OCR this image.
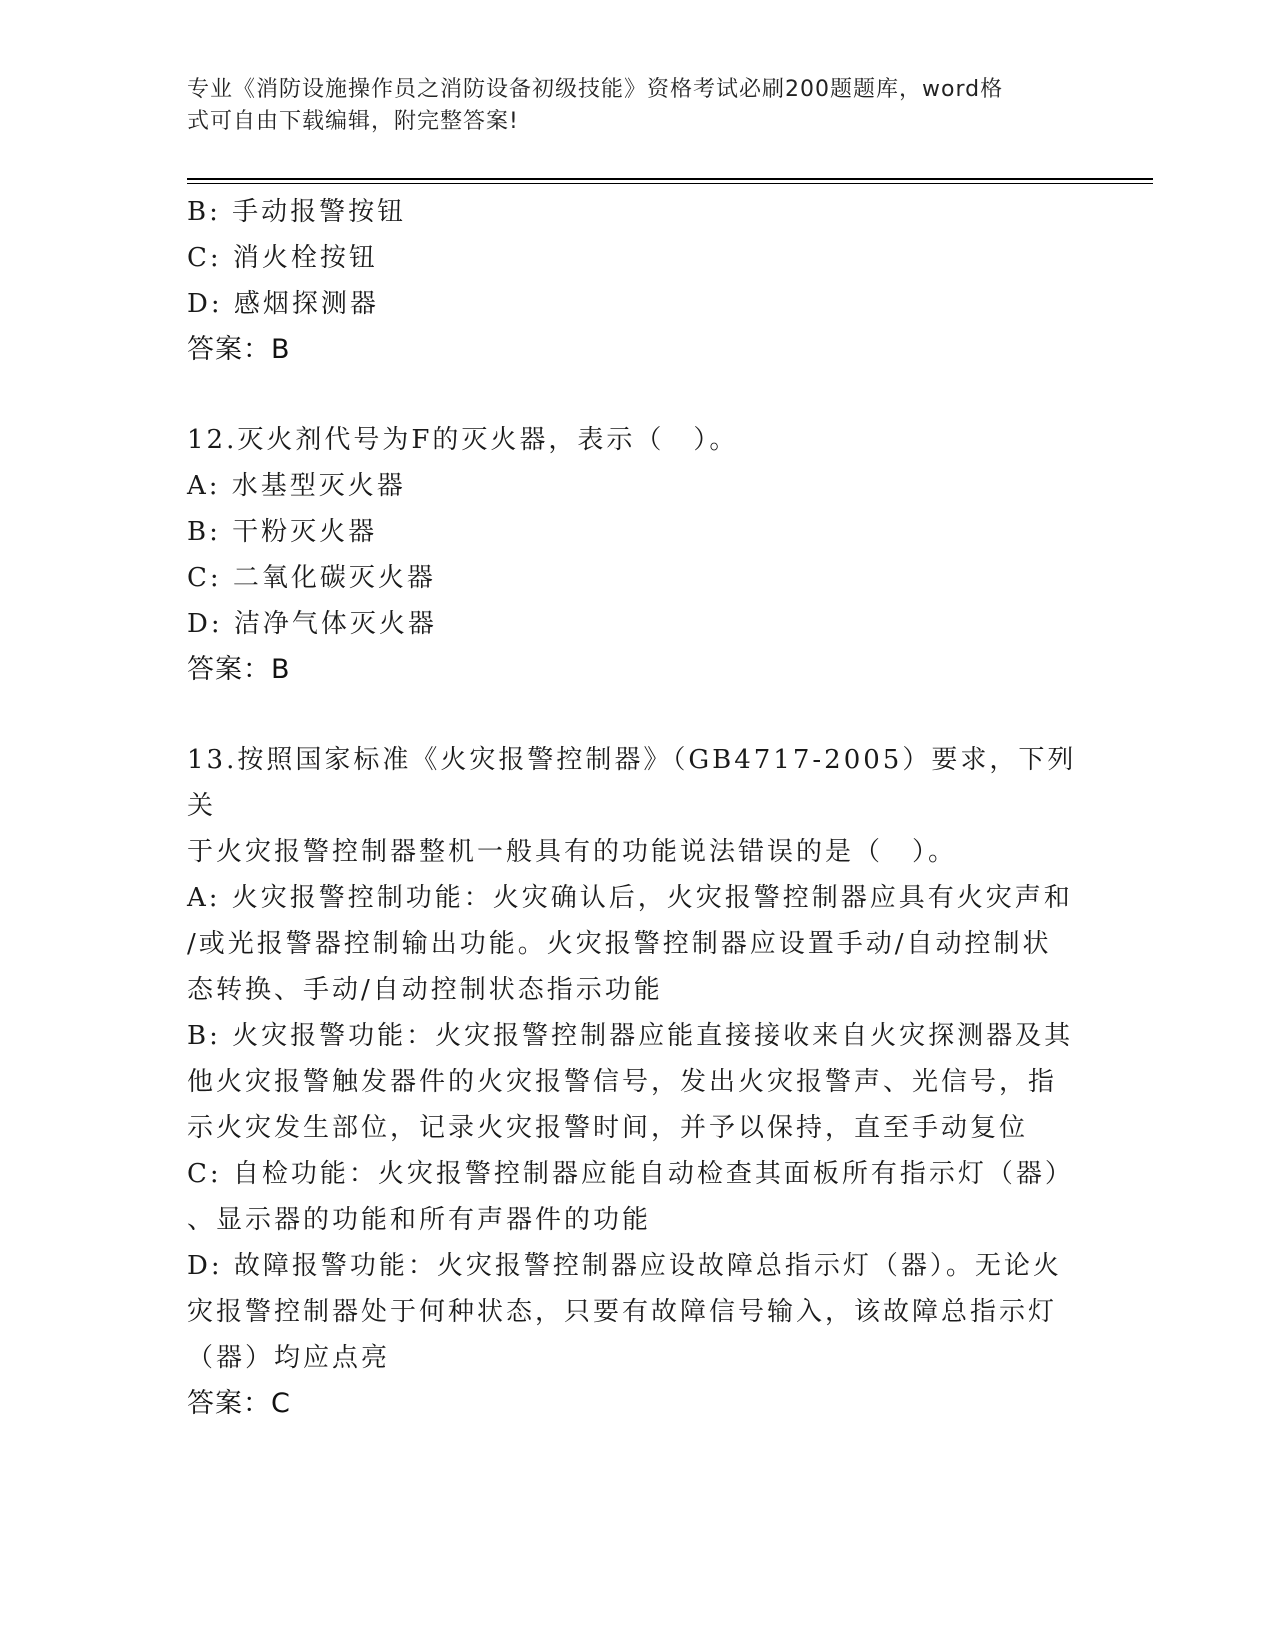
专业《消防设施操作员之消防设备初级技能》资格考试必刷200题题库，word格
式可自由下载编辑，附完整答案!
B: 手动报警按钮
C: 消火栓按钮
D: 感烟探测器
答案：B
12.灭火剂代号为F的灭火器，表示（　）。
A: 水基型灭火器
B: 干粉灭火器
C: 二氧化碳灭火器
D: 洁净气体灭火器
答案：B
13.按照国家标准《火灾报警控制器》（GB4717-2005）要求，下列关
于火灾报警控制器整机一般具有的功能说法错误的是（　）。
A: 火灾报警控制功能：火灾确认后，火灾报警控制器应具有火灾声和
/或光报警器控制输出功能。火灾报警控制器应设置手动/自动控制状
态转换、手动/自动控制状态指示功能
B: 火灾报警功能：火灾报警控制器应能直接接收来自火灾探测器及其
他火灾报警触发器件的火灾报警信号，发出火灾报警声、光信号，指
示火灾发生部位，记录火灾报警时间，并予以保持，直至手动复位
C: 自检功能：火灾报警控制器应能自动检查其面板所有指示灯（器）
、显示器的功能和所有声器件的功能
D: 故障报警功能：火灾报警控制器应设故障总指示灯（器）。无论火
灾报警控制器处于何种状态，只要有故障信号输入，该故障总指示灯
（器）均应点亮
答案：C
